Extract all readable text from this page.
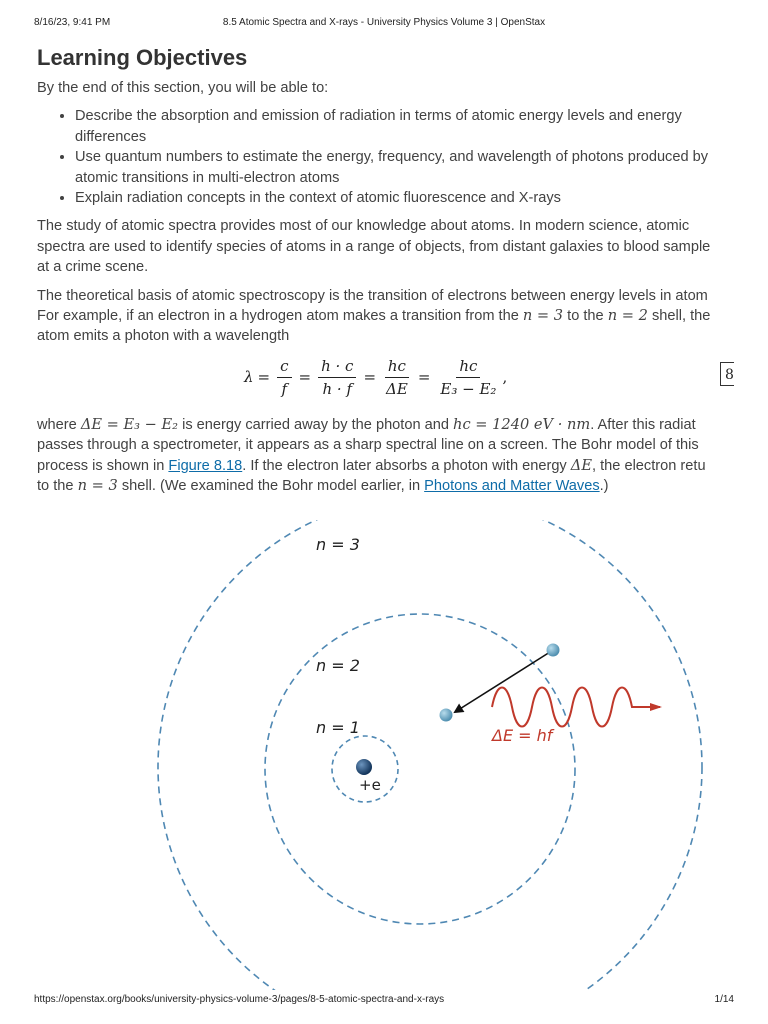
8/16/23, 9:41 PM	8.5 Atomic Spectra and X-rays - University Physics Volume 3 | OpenStax
Learning Objectives

By the end of this section, you will be able to:

• Describe the absorption and emission of radiation in terms of atomic energy levels and energy
differences
• Use quantum numbers to estimate the energy, frequency, and wavelength of photons produced by
atomic transitions in multi-electron atoms
• Explain radiation concepts in the context of atomic fluorescence and X-rays

The study of atomic spectra provides most of our knowledge about atoms. In modern science, atomic
spectra are used to identify species of atoms in a range of objects, from distant galaxies to blood sample
at a crime scene.

The theoretical basis of atomic spectroscopy is the transition of electrons between energy levels in atom
For example, if an electron in a hydrogen atom makes a transition from the n = 3 to the n = 2 shell, the
atom emits a photon with a wavelength

$\lambda = \frac{c}{f} = \frac{h \cdot c}{h \cdot f} = \frac{hc}{\Delta E} = \frac{hc}{\text{E₃ − E₂}}$ ,	8

where ΔE = E₃ − E₂ is energy carried away by the photon and hc = 1240 eV · nm. After this radiat
passes through a spectrometer, it appears as a sharp spectral line on a screen. The Bohr model of this
process is shown in Figure 8.18. If the electron later absorbs a photon with energy ΔE, the electron retu
to the n = 3 shell. (We examined the Bohr model earlier, in Photons and Matter Waves.)

n = 3
n = 2
n = 1
+e
ΔE = hf
https://openstax.org/books/university-physics-volume-3/pages/8-5-atomic-spectra-and-x-rays	1/14
